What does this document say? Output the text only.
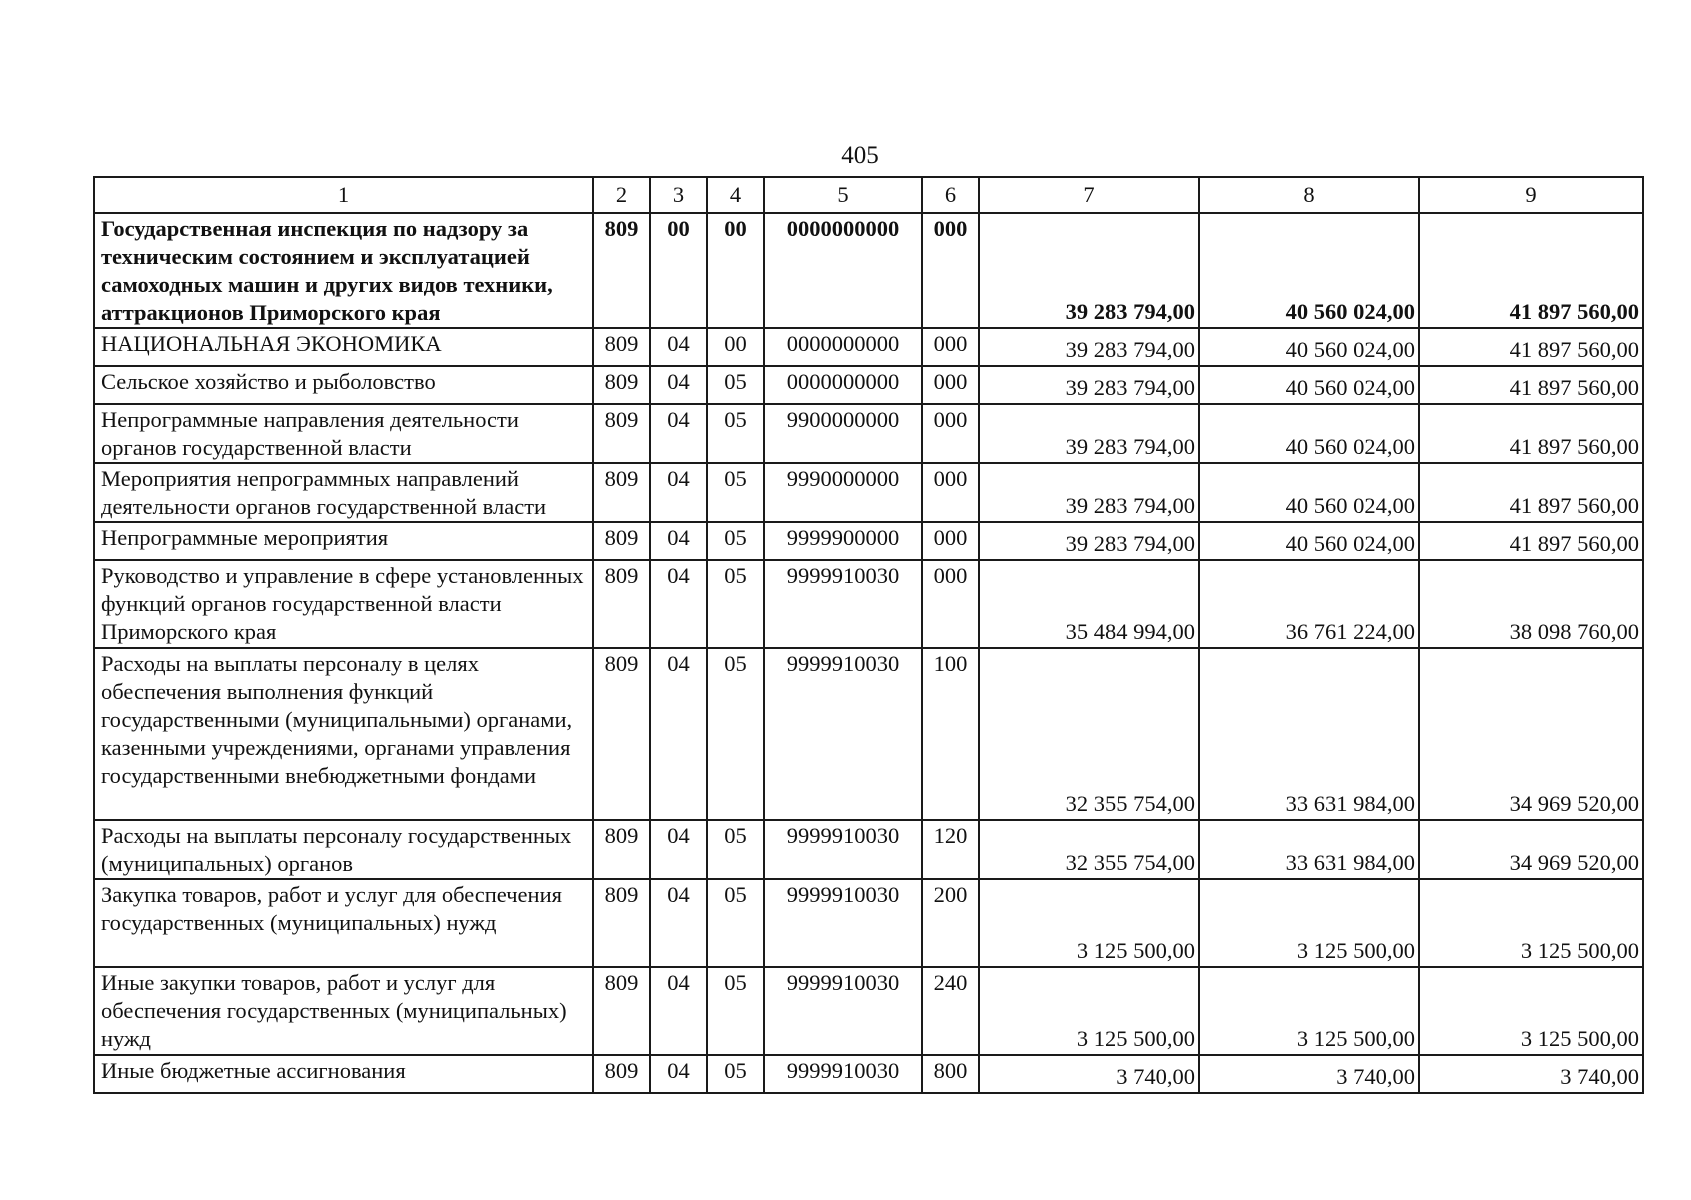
405
1	2	3	4	5	6	7	8	9
Государственная инспекция по надзору за техническим состоянием и эксплуатацией самоходных машин и других видов техники, аттракционов Приморского края	809	00	00	0000000000	000	39 283 794,00	40 560 024,00	41 897 560,00
НАЦИОНАЛЬНАЯ ЭКОНОМИКА	809	04	00	0000000000	000	39 283 794,00	40 560 024,00	41 897 560,00
Сельское хозяйство и рыболовство	809	04	05	0000000000	000	39 283 794,00	40 560 024,00	41 897 560,00
Непрограммные направления деятельности органов государственной власти	809	04	05	9900000000	000	39 283 794,00	40 560 024,00	41 897 560,00
Мероприятия непрограммных направлений деятельности органов государственной власти	809	04	05	9990000000	000	39 283 794,00	40 560 024,00	41 897 560,00
Непрограммные мероприятия	809	04	05	9999900000	000	39 283 794,00	40 560 024,00	41 897 560,00
Руководство и управление в сфере установленных функций органов государственной власти Приморского края	809	04	05	9999910030	000	35 484 994,00	36 761 224,00	38 098 760,00
Расходы на выплаты персоналу в целях обеспечения выполнения функций государственными (муниципальными) органами, казенными учреждениями, органами управления государственными внебюджетными фондами	809	04	05	9999910030	100	32 355 754,00	33 631 984,00	34 969 520,00
Расходы на выплаты персоналу государственных (муниципальных) органов	809	04	05	9999910030	120	32 355 754,00	33 631 984,00	34 969 520,00
Закупка товаров, работ и услуг для обеспечения государственных (муниципальных) нужд	809	04	05	9999910030	200	3 125 500,00	3 125 500,00	3 125 500,00
Иные закупки товаров, работ и услуг для обеспечения государственных (муниципальных) нужд	809	04	05	9999910030	240	3 125 500,00	3 125 500,00	3 125 500,00
Иные бюджетные ассигнования	809	04	05	9999910030	800	3 740,00	3 740,00	3 740,00
